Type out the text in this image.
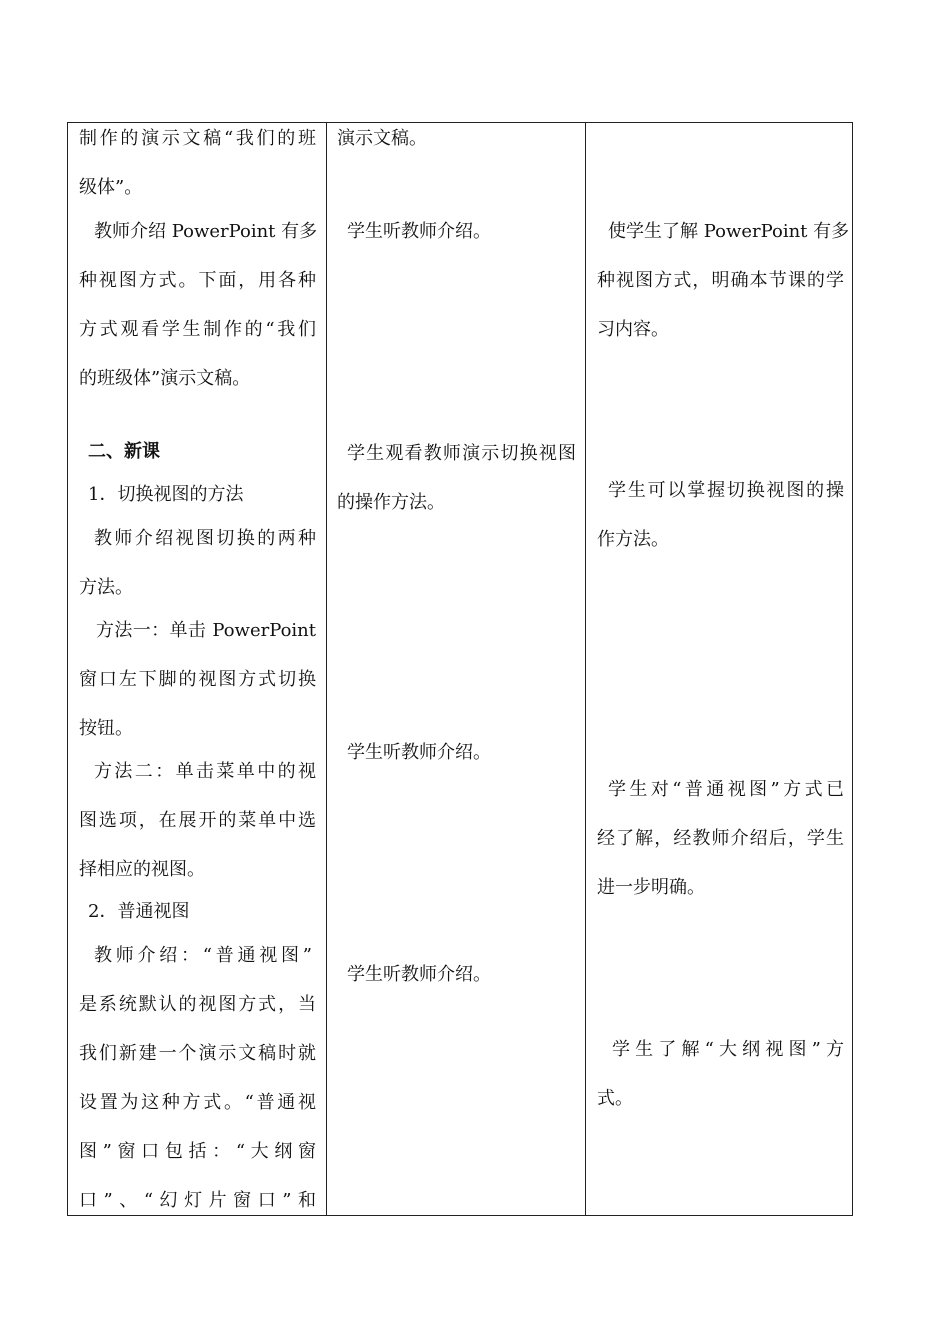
制作的演示文稿“我们的班
级体”。
教师介绍 PowerPoint 有多
种视图方式。下面，用各种
方式观看学生制作的“我们
的班级体”演示文稿。
二、新课
1．切换视图的方法
教师介绍视图切换的两种
方法。
方法一：单击 PowerPoint
窗口左下脚的视图方式切换
按钮。
方法二：单击菜单中的视
图选项，在展开的菜单中选
择相应的视图。
2．普通视图
教师介绍：“普通视图”
是系统默认的视图方式，当
我们新建一个演示文稿时就
设置为这种方式。“普通视
图”窗口包括：“大纲窗
口”、“幻灯片窗口”和
演示文稿。
学生听教师介绍。
学生观看教师演示切换视图
的操作方法。
学生听教师介绍。
学生听教师介绍。
使学生了解 PowerPoint 有多
种视图方式，明确本节课的学
习内容。
学生可以掌握切换视图的操
作方法。
学生对“普通视图”方式已
经了解，经教师介绍后，学生
进一步明确。
学生了解“大纲视图”方
式。
